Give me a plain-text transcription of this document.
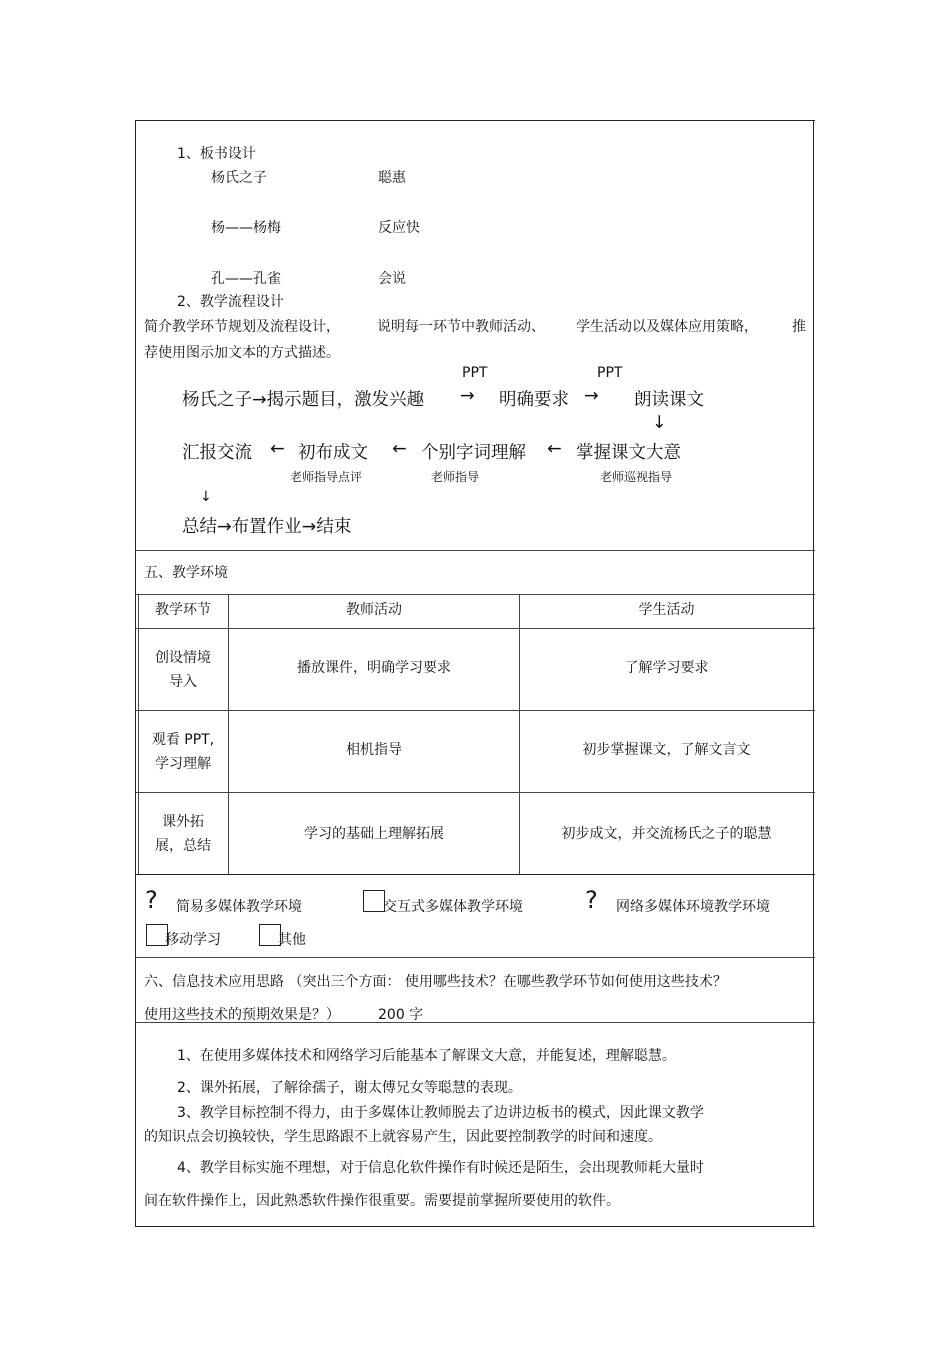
1、板书设计
杨氏之子	聪惠
杨——杨梅	反应快
孔——孔雀	会说
2、教学流程设计
简介教学环节规划及流程设计，	说明每一环节中教师活动、 学生活动以及媒体应用策略， 推
荐使用图示加文本的方式描述。
PPT	PPT
杨氏之子→揭示题目，激发兴趣 → 明确要求 → 朗读课文
↓
汇报交流 ← 初布成文 ← 个别字词理解 ← 掌握课文大意
老师指导点评	老师指导	老师巡视指导
↓
总结→布置作业→结束
五、教学环境
教学环节	教师活动	学生活动
创设情境
导入
播放课件，明确学习要求	了解学习要求
观看 PPT,
学习理解
相机指导	初步掌握课文，了解文言文
课外拓
展，总结
学习的基础上理解拓展	初步成文，并交流杨氏之子的聪慧
? 简易多媒体教学环境	交互式多媒体教学环境	? 网络多媒体环境教学环境
移动学习	其他
六、信息技术应用思路 （突出三个方面： 使用哪些技术？在哪些教学环节如何使用这些技术？
使用这些技术的预期效果是？）	200 字
1、在使用多媒体技术和网络学习后能基本了解课文大意，并能复述，理解聪慧。
2、课外拓展，了解徐孺子，谢太傅兄女等聪慧的表现。
3、教学目标控制不得力，由于多媒体让教师脱去了边讲边板书的模式，因此课文教学
的知识点会切换较快，学生思路跟不上就容易产生，因此要控制教学的时间和速度。
4、教学目标实施不理想，对于信息化软件操作有时候还是陌生，会出现教师耗大量时
间在软件操作上，因此熟悉软件操作很重要。需要提前掌握所要使用的软件。
